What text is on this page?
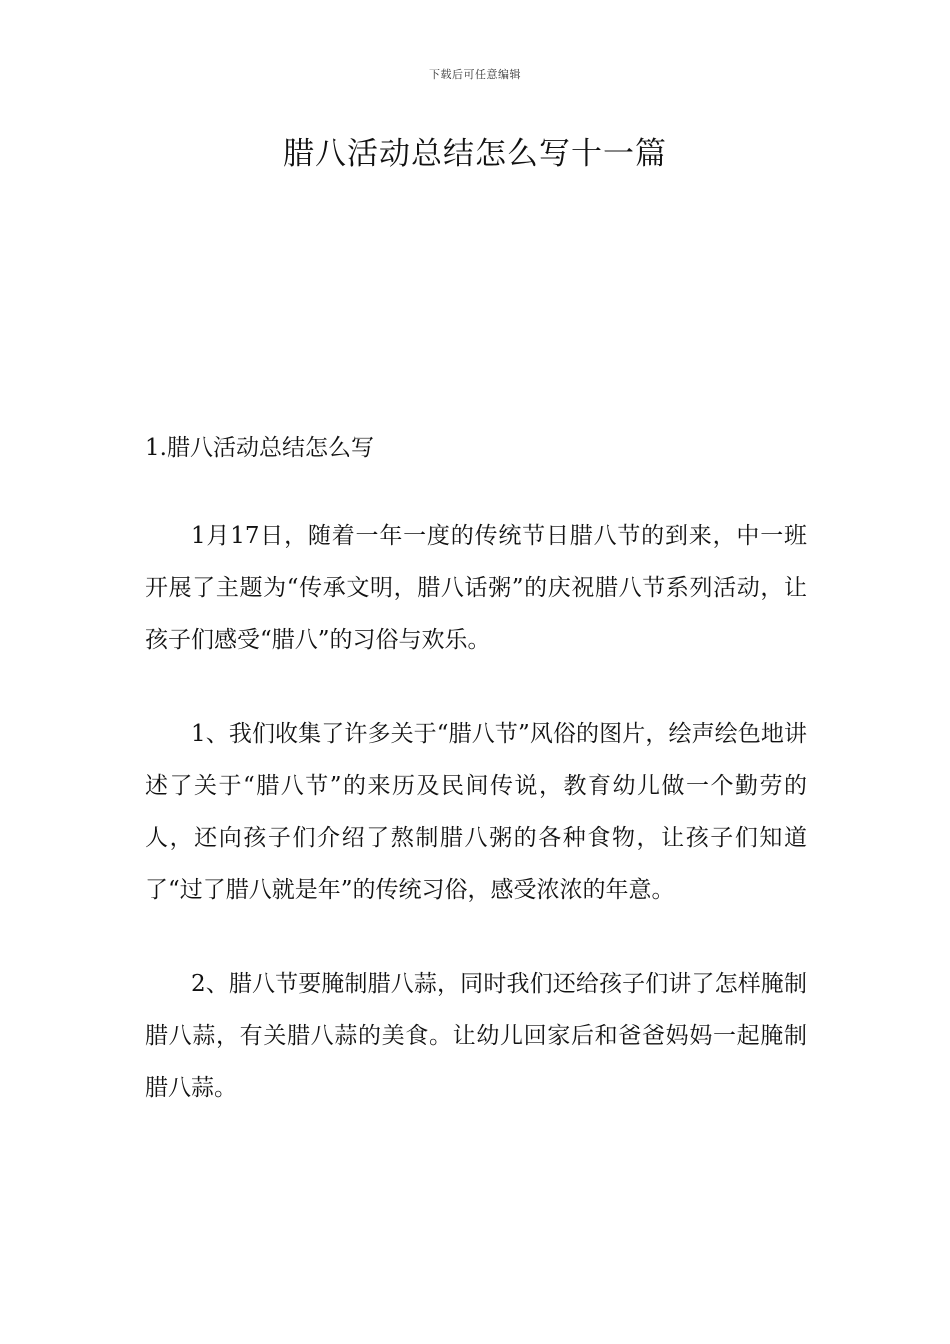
下载后可任意编辑
腊八活动总结怎么写十一篇
1.腊八活动总结怎么写

1月17日，随着一年一度的传统节日腊八节的到来，中一班开展了主题为“传承文明，腊八话粥”的庆祝腊八节系列活动，让孩子们感受“腊八”的习俗与欢乐。

1、我们收集了许多关于“腊八节”风俗的图片，绘声绘色地讲述了关于“腊八节”的来历及民间传说，教育幼儿做一个勤劳的人，还向孩子们介绍了熬制腊八粥的各种食物，让孩子们知道了“过了腊八就是年”的传统习俗，感受浓浓的年意。

2、腊八节要腌制腊八蒜，同时我们还给孩子们讲了怎样腌制腊八蒜，有关腊八蒜的美食。让幼儿回家后和爸爸妈妈一起腌制腊八蒜。
